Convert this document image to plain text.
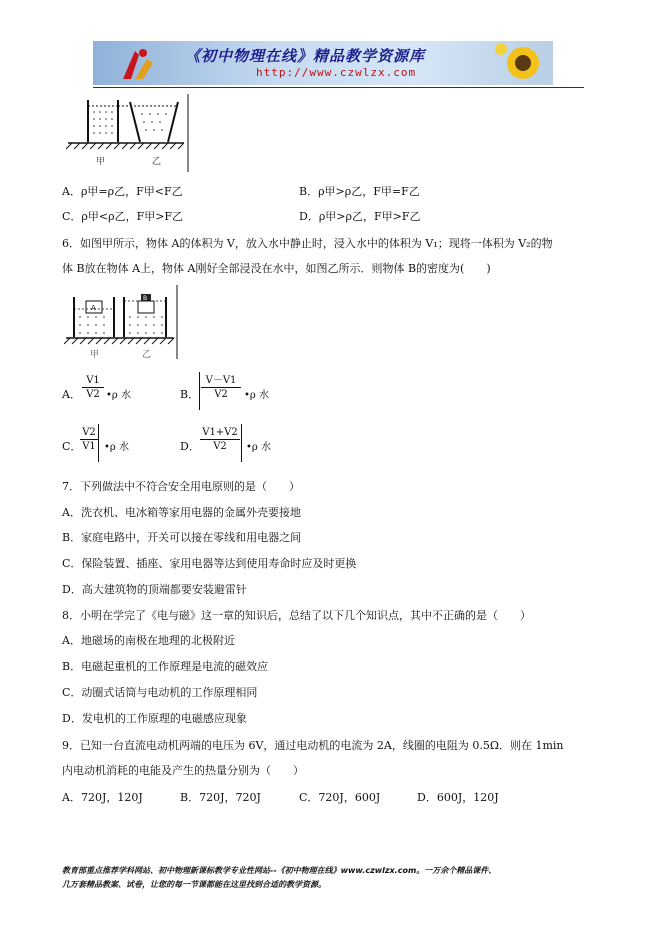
《初中物理在线》精品教学资源库
http://www.czwlzx.com
甲	乙
A．ρ甲=ρ乙，F甲<F乙	B．ρ甲>ρ乙，F甲=F乙
C．ρ甲<ρ乙，F甲>F乙	D．ρ甲>ρ乙，F甲>F乙
6．如图甲所示，物体 A的体积为 V，放入水中静止时，浸入水中的体积为 V₁；现将一体积为 V₂的物
体 B放在物体 A上，物体 A刚好全部浸没在水中，如图乙所示．则物体 B的密度为(　　)
A
B
甲	乙
A． $\frac{V1}{V2}$ •ρ 水	B． $\frac{V-V1}{V2}$ •ρ 水
C．
$\frac{V2}{V1}$ •ρ 水	D． $\frac{V1+V2}{V2}$ •ρ 水
7．下列做法中不符合安全用电原则的是（　　）
A．洗衣机、电冰箱等家用电器的金属外壳要接地
B．家庭电路中，开关可以接在零线和用电器之间
C．保险装置、插座、家用电器等达到使用寿命时应及时更换
D．高大建筑物的顶端都要安装避雷针
8．小明在学完了《电与磁》这一章的知识后，总结了以下几个知识点，其中不正确的是（　　）
A．地磁场的南极在地理的北极附近
B．电磁起重机的工作原理是电流的磁效应
C．动圈式话筒与电动机的工作原理相同
D．发电机的工作原理的电磁感应现象
9．已知一台直流电动机两端的电压为 6V，通过电动机的电流为 2A，线圈的电阻为 0.5Ω．则在 1min
内电动机消耗的电能及产生的热量分别为（　　）
A．720J，120J	B．720J，720J	C．720J，600J	D．600J，120J
教育部重点推荐学科网站、初中物理新课标教学专业性网站--《初中物理在线》www.czwlzx.com。一万余个精品课件、
几万套精品教案、试卷，让您的每一节课都能在这里找到合适的教学资源。
